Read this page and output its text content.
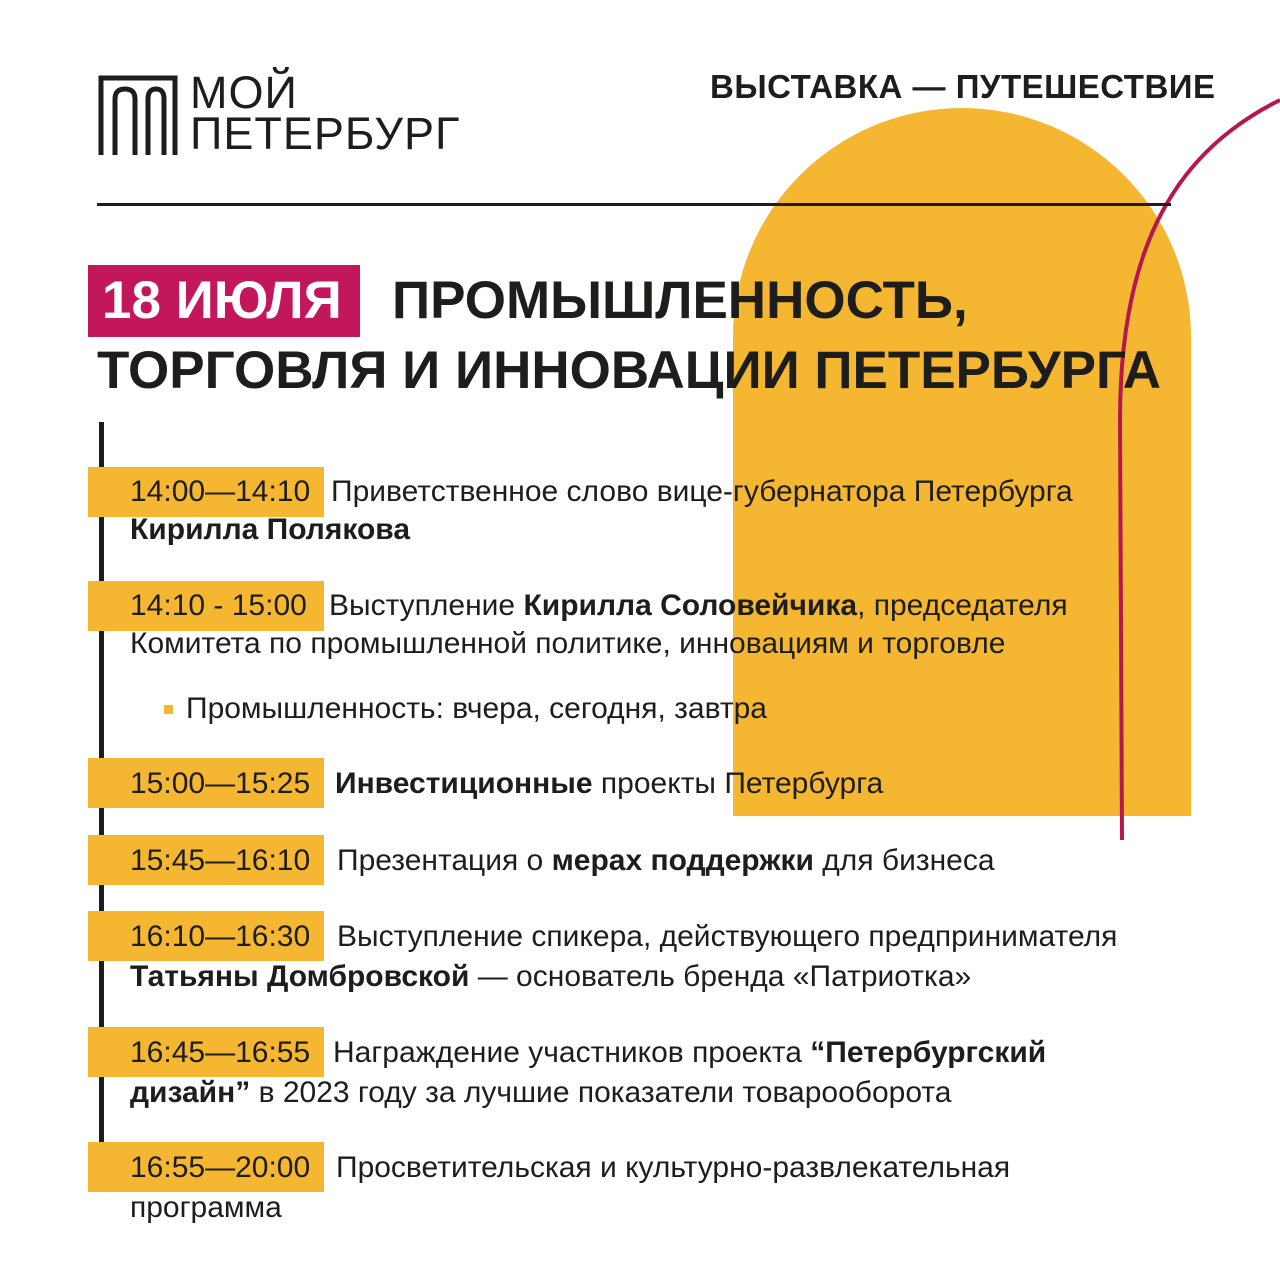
МОЙ
ПЕТЕРБУРГ
ВЫСТАВКА — ПУТЕШЕСТВИЕ
18 ИЮЛЯ ПРОМЫШЛЕННОСТЬ,
ТОРГОВЛЯ И ИННОВАЦИИ ПЕТЕРБУРГА
14:00—14:10 Приветственное слово вице-губернатора Петербурга
Кирилла Полякова
14:10 - 15:00 Выступление Кирилла Соловейчика, председателя
Комитета по промышленной политике, инновациям и торговле
Промышленность: вчера, сегодня, завтра
15:00—15:25 Инвестиционные проекты Петербурга
15:45—16:10 Презентация о мерах поддержки для бизнеса
16:10—16:30 Выступление спикера, действующего предпринимателя
Татьяны Домбровской — основатель бренда «Патриотка»
16:45—16:55 Награждение участников проекта “Петербургский
дизайн” в 2023 году за лучшие показатели товарооборота
16:55—20:00 Просветительская и культурно-развлекательная
программа
